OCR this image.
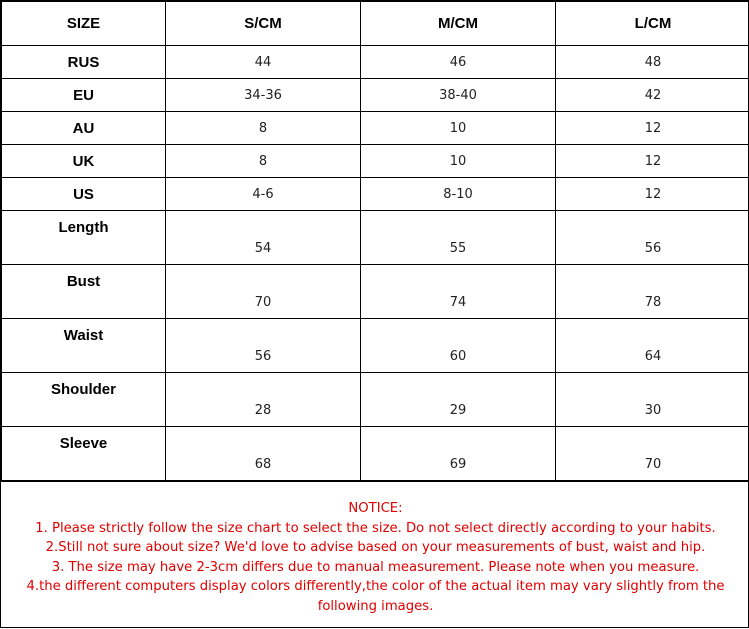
SIZE	S/CM	M/CM	L/CM
RUS	44	46	48
EU	34-36	38-40	42
AU	8	10	12
UK	8	10	12
US	4-6	8-10	12
Length	54	55	56
Bust	70	74	78
Waist	56	60	64
Shoulder	28	29	30
Sleeve	68	69	70
NOTICE:
1. Please strictly follow the size chart to select the size. Do not select directly according to your habits.
2.Still not sure about size? We'd love to advise based on your measurements of bust, waist and hip.
3. The size may have 2-3cm differs due to manual measurement. Please note when you measure.
4.the different computers display colors differently,the color of the actual item may vary slightly from the following images.
